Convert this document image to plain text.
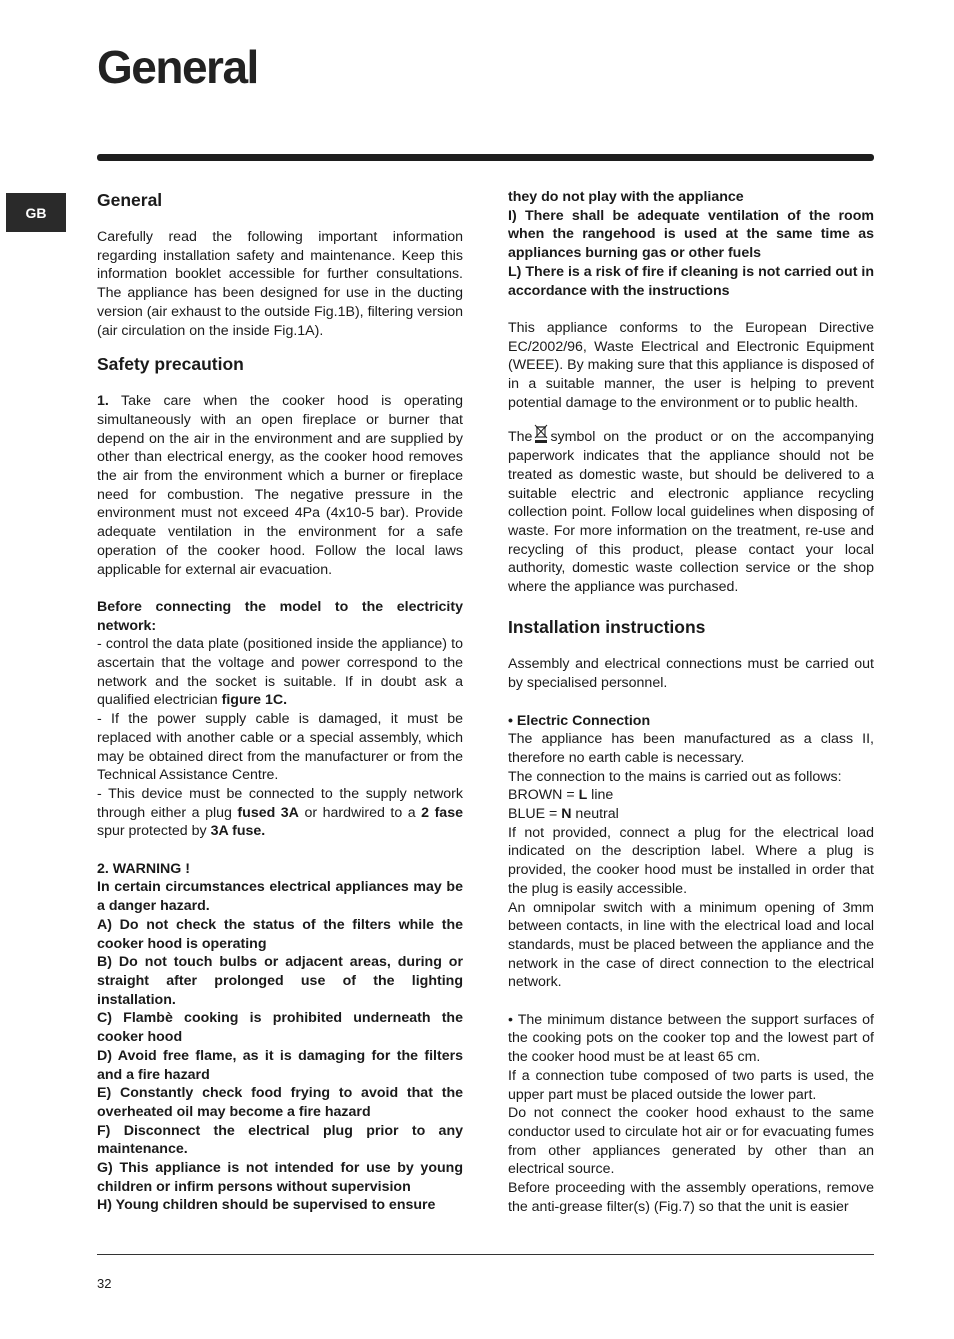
General
GB
General

Carefully read the following important information regarding installation safety and maintenance. Keep this information booklet accessible for further consultations. The appliance has been designed for use in the ducting version (air exhaust to the outside Fig.1B), filtering version (air circulation on the inside Fig.1A).

Safety precaution

1. Take care when the cooker hood is operating simultaneously with an open fireplace or burner that depend on the air in the environment and are supplied by other than electrical energy, as the cooker hood removes the air from the environment which a burner or fireplace need for combustion. The negative pressure in the environment must not exceed 4Pa (4x10-5 bar). Provide adequate ventilation in the environment for a safe operation of the cooker hood. Follow the local laws applicable for external air evacuation.

Before connecting the model to the electricity network:

- control the data plate (positioned inside the appliance) to ascertain that the voltage and power correspond to the network and the socket is suitable. If in doubt ask a qualified electrician figure 1C.

- If the power supply cable is damaged, it must be replaced with another cable or a special assembly, which may be obtained direct from the manufacturer or from the Technical Assistance Centre.

- This device must be connected to the supply network through either a plug fused 3A or hardwired to a 2 fase spur protected by 3A fuse.

2. WARNING !

In certain circumstances electrical appliances may be a danger hazard.

A) Do not check the status of the filters while the cooker hood is operating

B) Do not touch bulbs or adjacent areas, during or straight after prolonged use of the lighting installation.

C) Flambè cooking is prohibited underneath the cooker hood

D) Avoid free flame, as it is damaging for the filters and a fire hazard

E) Constantly check food frying to avoid that the overheated oil may become a fire hazard

F) Disconnect the electrical plug prior to any maintenance.

G) This appliance is not intended for use by young children or infirm persons without supervision

H) Young children should be supervised to ensure

they do not play with the appliance

I) There shall be adequate ventilation of the room when the rangehood is used at the same time as appliances burning gas or other fuels

L) There is a risk of fire if cleaning is not carried out in accordance with the instructions

This appliance conforms to the European Directive EC/2002/96, Waste Electrical and Electronic Equipment (WEEE). By making sure that this appliance is disposed of in a suitable manner, the user is helping to prevent potential damage to the environment or to public health.

The symbol on the product or on the accompanying paperwork indicates that the appliance should not be treated as domestic waste, but should be delivered to a suitable electric and electronic appliance recycling collection point. Follow local guidelines when disposing of waste. For more information on the treatment, re-use and recycling of this product, please contact your local authority, domestic waste collection service or the shop where the appliance was purchased.

Installation instructions

Assembly and electrical connections must be carried out by specialised personnel.

• Electric Connection

The appliance has been manufactured as a class II, therefore no earth cable is necessary.

The connection to the mains is carried out as follows:

BROWN = L line

BLUE = N neutral

If not provided, connect a plug for the electrical load indicated on the description label. Where a plug is provided, the cooker hood must be installed in order that the plug is easily accessible.

An omnipolar switch with a minimum opening of 3mm between contacts, in line with the electrical load and local standards, must be placed between the appliance and the network in the case of direct connection to the electrical network.

• The minimum distance between the support surfaces of the cooking pots on the cooker top and the lowest part of the cooker hood must be at least 65 cm.

If a connection tube composed of two parts is used, the upper part must be placed outside the lower part.

Do not connect the cooker hood exhaust to the same conductor used to circulate hot air or for evacuating fumes from other appliances generated by other than an electrical source.

Before proceeding with the assembly operations, remove the anti-grease filter(s) (Fig.7) so that the unit is easier

32
